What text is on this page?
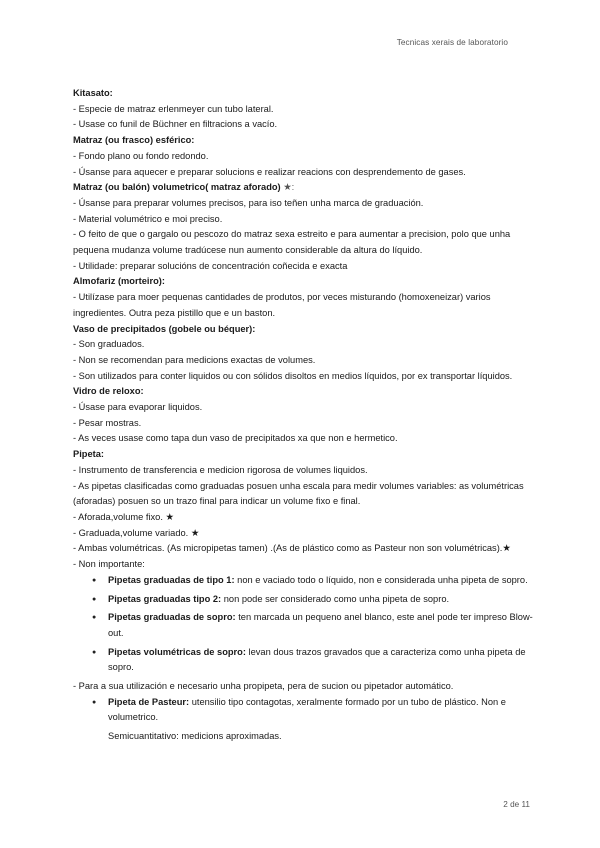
Tecnicas xerais de laboratorio

Kitasato:

- Especie de matraz erlenmeyer cun tubo lateral.

- Usase co funil de Büchner en filtracions a vacío.

Matraz (ou frasco) esférico:

- Fondo plano ou fondo redondo.

- Úsanse para aquecer e preparar solucions e realizar reacions con desprendemento de gases.

Matraz (ou balón) volumetrico( matraz aforado) ★:

- Úsanse para preparar volumes precisos, para iso teñen unha marca de graduación.

- Material volumétrico e moi preciso.

- O feito de que o gargalo ou pescozo do matraz sexa estreito e para aumentar a precision, polo que unha pequena mudanza volume tradúcese nun aumento considerable da altura do líquido.

- Utilidade: preparar solucións de concentración coñecida e exacta

Almofariz (morteiro):

- Utilízase para moer pequenas cantidades de produtos, por veces misturando (homoxeneizar) varios ingredientes. Outra peza pistillo que e un baston.

Vaso de precipitados (gobele ou béquer):

- Son graduados.

- Non se recomendan para medicions exactas de volumes.

- Son utilizados para conter liquidos ou con sólidos disoltos en medios líquidos, por ex transportar líquidos.

Vidro de reloxo:

- Úsase para evaporar liquidos.

- Pesar mostras.

- As veces usase como tapa dun vaso de precipitados xa que non e hermetico.

Pipeta:

- Instrumento de transferencia e medicion rigorosa de volumes liquidos.

- As pipetas clasificadas como graduadas posuen unha escala para medir volumes variables: as volumétricas (aforadas) posuen so un trazo final para indicar un volume fixo e final.

- Aforada,volume fixo. ★

- Graduada,volume variado. ★

- Ambas volumétricas. (As micropipetas tamen) .(As de plástico como as Pasteur non son volumétricas).★

- Non importante:

● Pipetas graduadas de tipo 1: non e vaciado todo o líquido, non e considerada unha pipeta de sopro.
● Pipetas graduadas tipo 2: non pode ser considerado como unha pipeta de sopro.
● Pipetas graduadas de sopro: ten marcada un pequeno anel blanco, este anel pode ter impreso Blow-out.
● Pipetas volumétricas de sopro: levan dous trazos gravados que a caracteriza como unha pipeta de sopro.

- Para a sua utilización e necesario unha propipeta, pera de sucion ou pipetador automático.

● Pipeta de Pasteur: utensilio tipo contagotas, xeralmente formado por un tubo de plástico. Non e volumetrico.

Semicuantitativo: medicions aproximadas.

2 de 11
